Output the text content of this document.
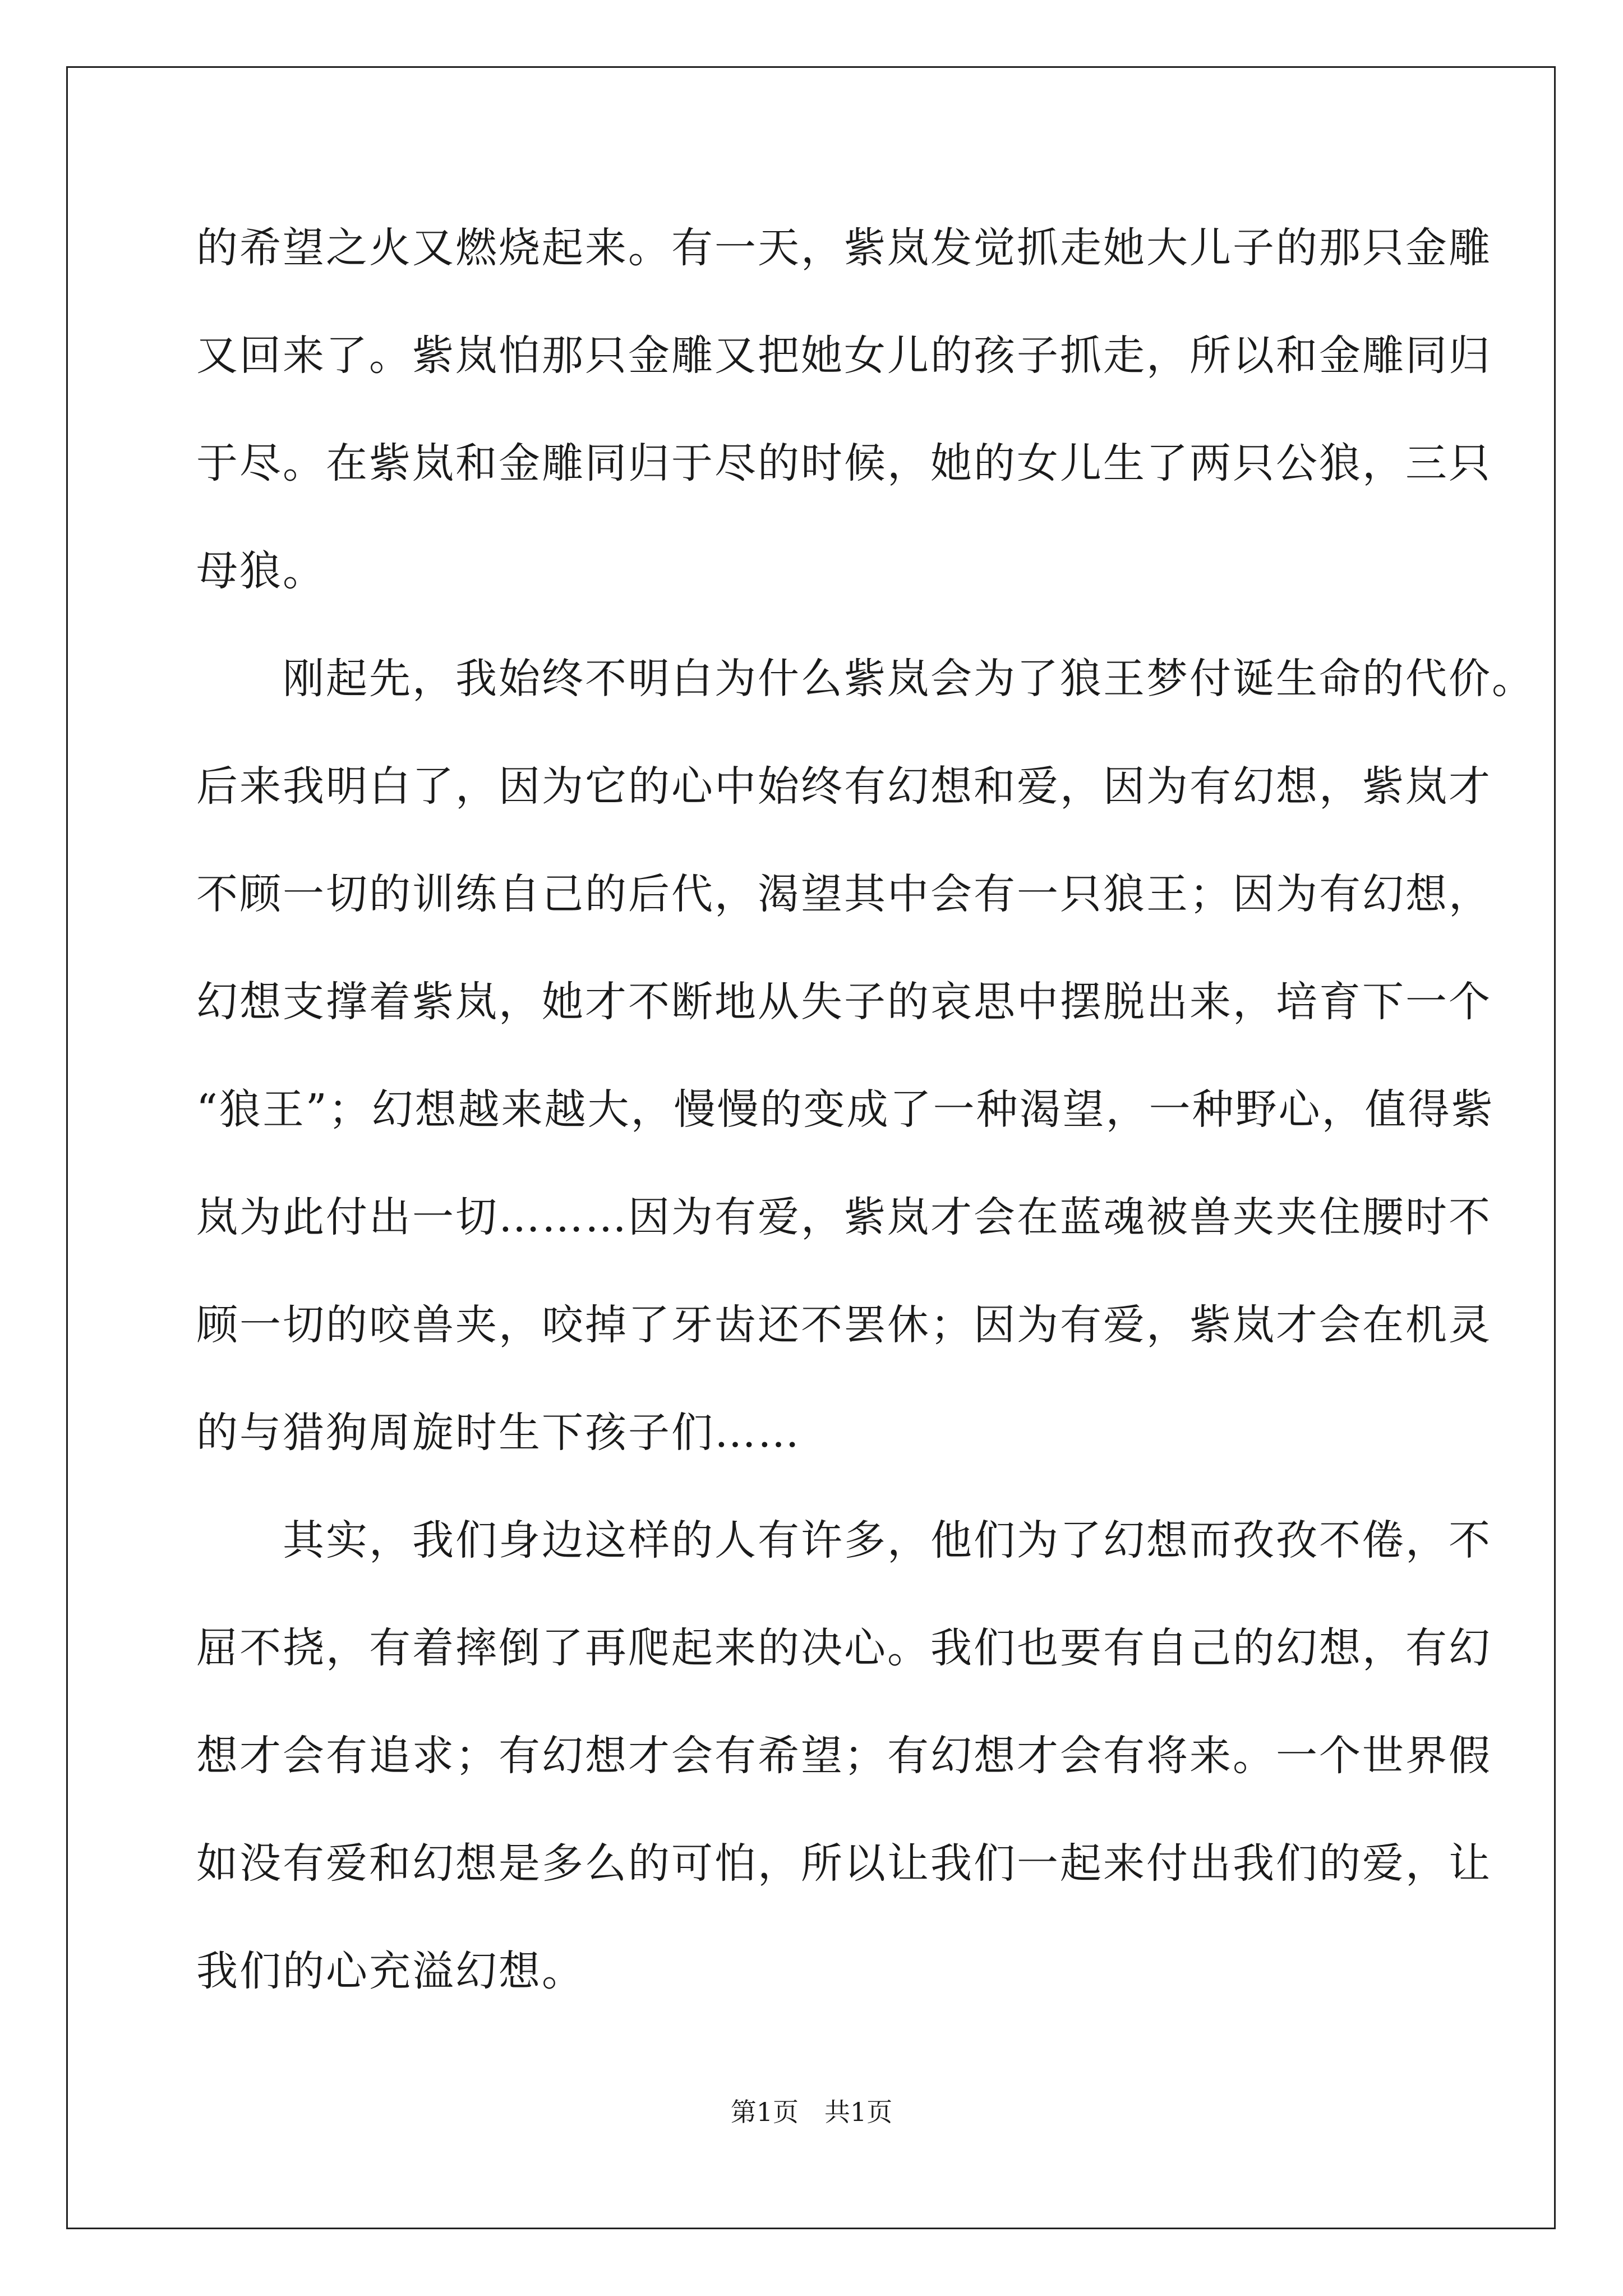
的希望之火又燃烧起来。有一天，紫岚发觉抓走她大儿子的那只金雕
又回来了。紫岚怕那只金雕又把她女儿的孩子抓走，所以和金雕同归
于尽。在紫岚和金雕同归于尽的时候，她的女儿生了两只公狼，三只
母狼。
　　刚起先，我始终不明白为什么紫岚会为了狼王梦付诞生命的代价。
后来我明白了，因为它的心中始终有幻想和爱，因为有幻想，紫岚才
不顾一切的训练自己的后代，渴望其中会有一只狼王；因为有幻想，
幻想支撑着紫岚，她才不断地从失子的哀思中摆脱出来，培育下一个
“狼王”；幻想越来越大，慢慢的变成了一种渴望，一种野心，值得紫
岚为此付出一切………因为有爱，紫岚才会在蓝魂被兽夹夹住腰时不
顾一切的咬兽夹，咬掉了牙齿还不罢休；因为有爱，紫岚才会在机灵
的与猎狗周旋时生下孩子们……
　　其实，我们身边这样的人有许多，他们为了幻想而孜孜不倦，不
屈不挠，有着摔倒了再爬起来的决心。我们也要有自己的幻想，有幻
想才会有追求；有幻想才会有希望；有幻想才会有将来。一个世界假
如没有爱和幻想是多么的可怕，所以让我们一起来付出我们的爱，让
我们的心充溢幻想。
第1页　共1页
